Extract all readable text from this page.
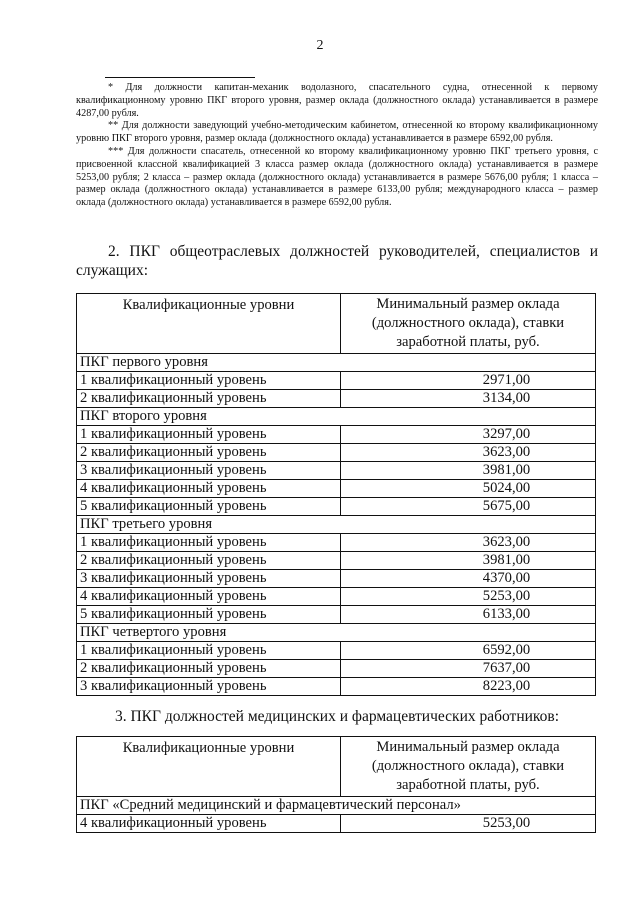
2

* Для должности капитан-механик водолазного, спасательного судна, отнесенной к первому квалификационному уровню ПКГ второго уровня, размер оклада (должностного оклада) устанавливается в размере 4287,00 рубля.

** Для должности заведующий учебно-методическим кабинетом, отнесенной ко второму квалификационному уровню ПКГ второго уровня, размер оклада (должностного оклада) устанавливается в размере 6592,00 рубля.

*** Для должности спасатель, отнесенной ко второму квалификационному уровню ПКГ третьего уровня, с присвоенной классной квалификацией 3 класса размер оклада (должностного оклада) устанавливается в размере 5253,00 рубля; 2 класса – размер оклада (должностного оклада) устанавливается в размере 5676,00 рубля; 1 класса – размер оклада (должностного оклада) устанавливается в размере 6133,00 рубля; международного класса – размер оклада (должностного оклада) устанавливается в размере 6592,00 рубля.

2. ПКГ общеотраслевых должностей руководителей, специалистов и служащих:
Квалификационные уровни	Минимальный размер оклада (должностного оклада), ставки заработной платы, руб.
ПКГ первого уровня	
1 квалификационный уровень	2971,00
2 квалификационный уровень	3134,00
ПКГ второго уровня	
1 квалификационный уровень	3297,00
2 квалификационный уровень	3623,00
3 квалификационный уровень	3981,00
4 квалификационный уровень	5024,00
5 квалификационный уровень	5675,00
ПКГ третьего уровня	
1 квалификационный уровень	3623,00
2 квалификационный уровень	3981,00
3 квалификационный уровень	4370,00
4 квалификационный уровень	5253,00
5 квалификационный уровень	6133,00
ПКГ четвертого уровня	
1 квалификационный уровень	6592,00
2 квалификационный уровень	7637,00
3 квалификационный уровень	8223,00
3. ПКГ должностей медицинских и фармацевтических работников:
Квалификационные уровни	Минимальный размер оклада (должностного оклада), ставки заработной платы, руб.
ПКГ «Средний медицинский и фармацевтический персонал»	
4 квалификационный уровень	5253,00
